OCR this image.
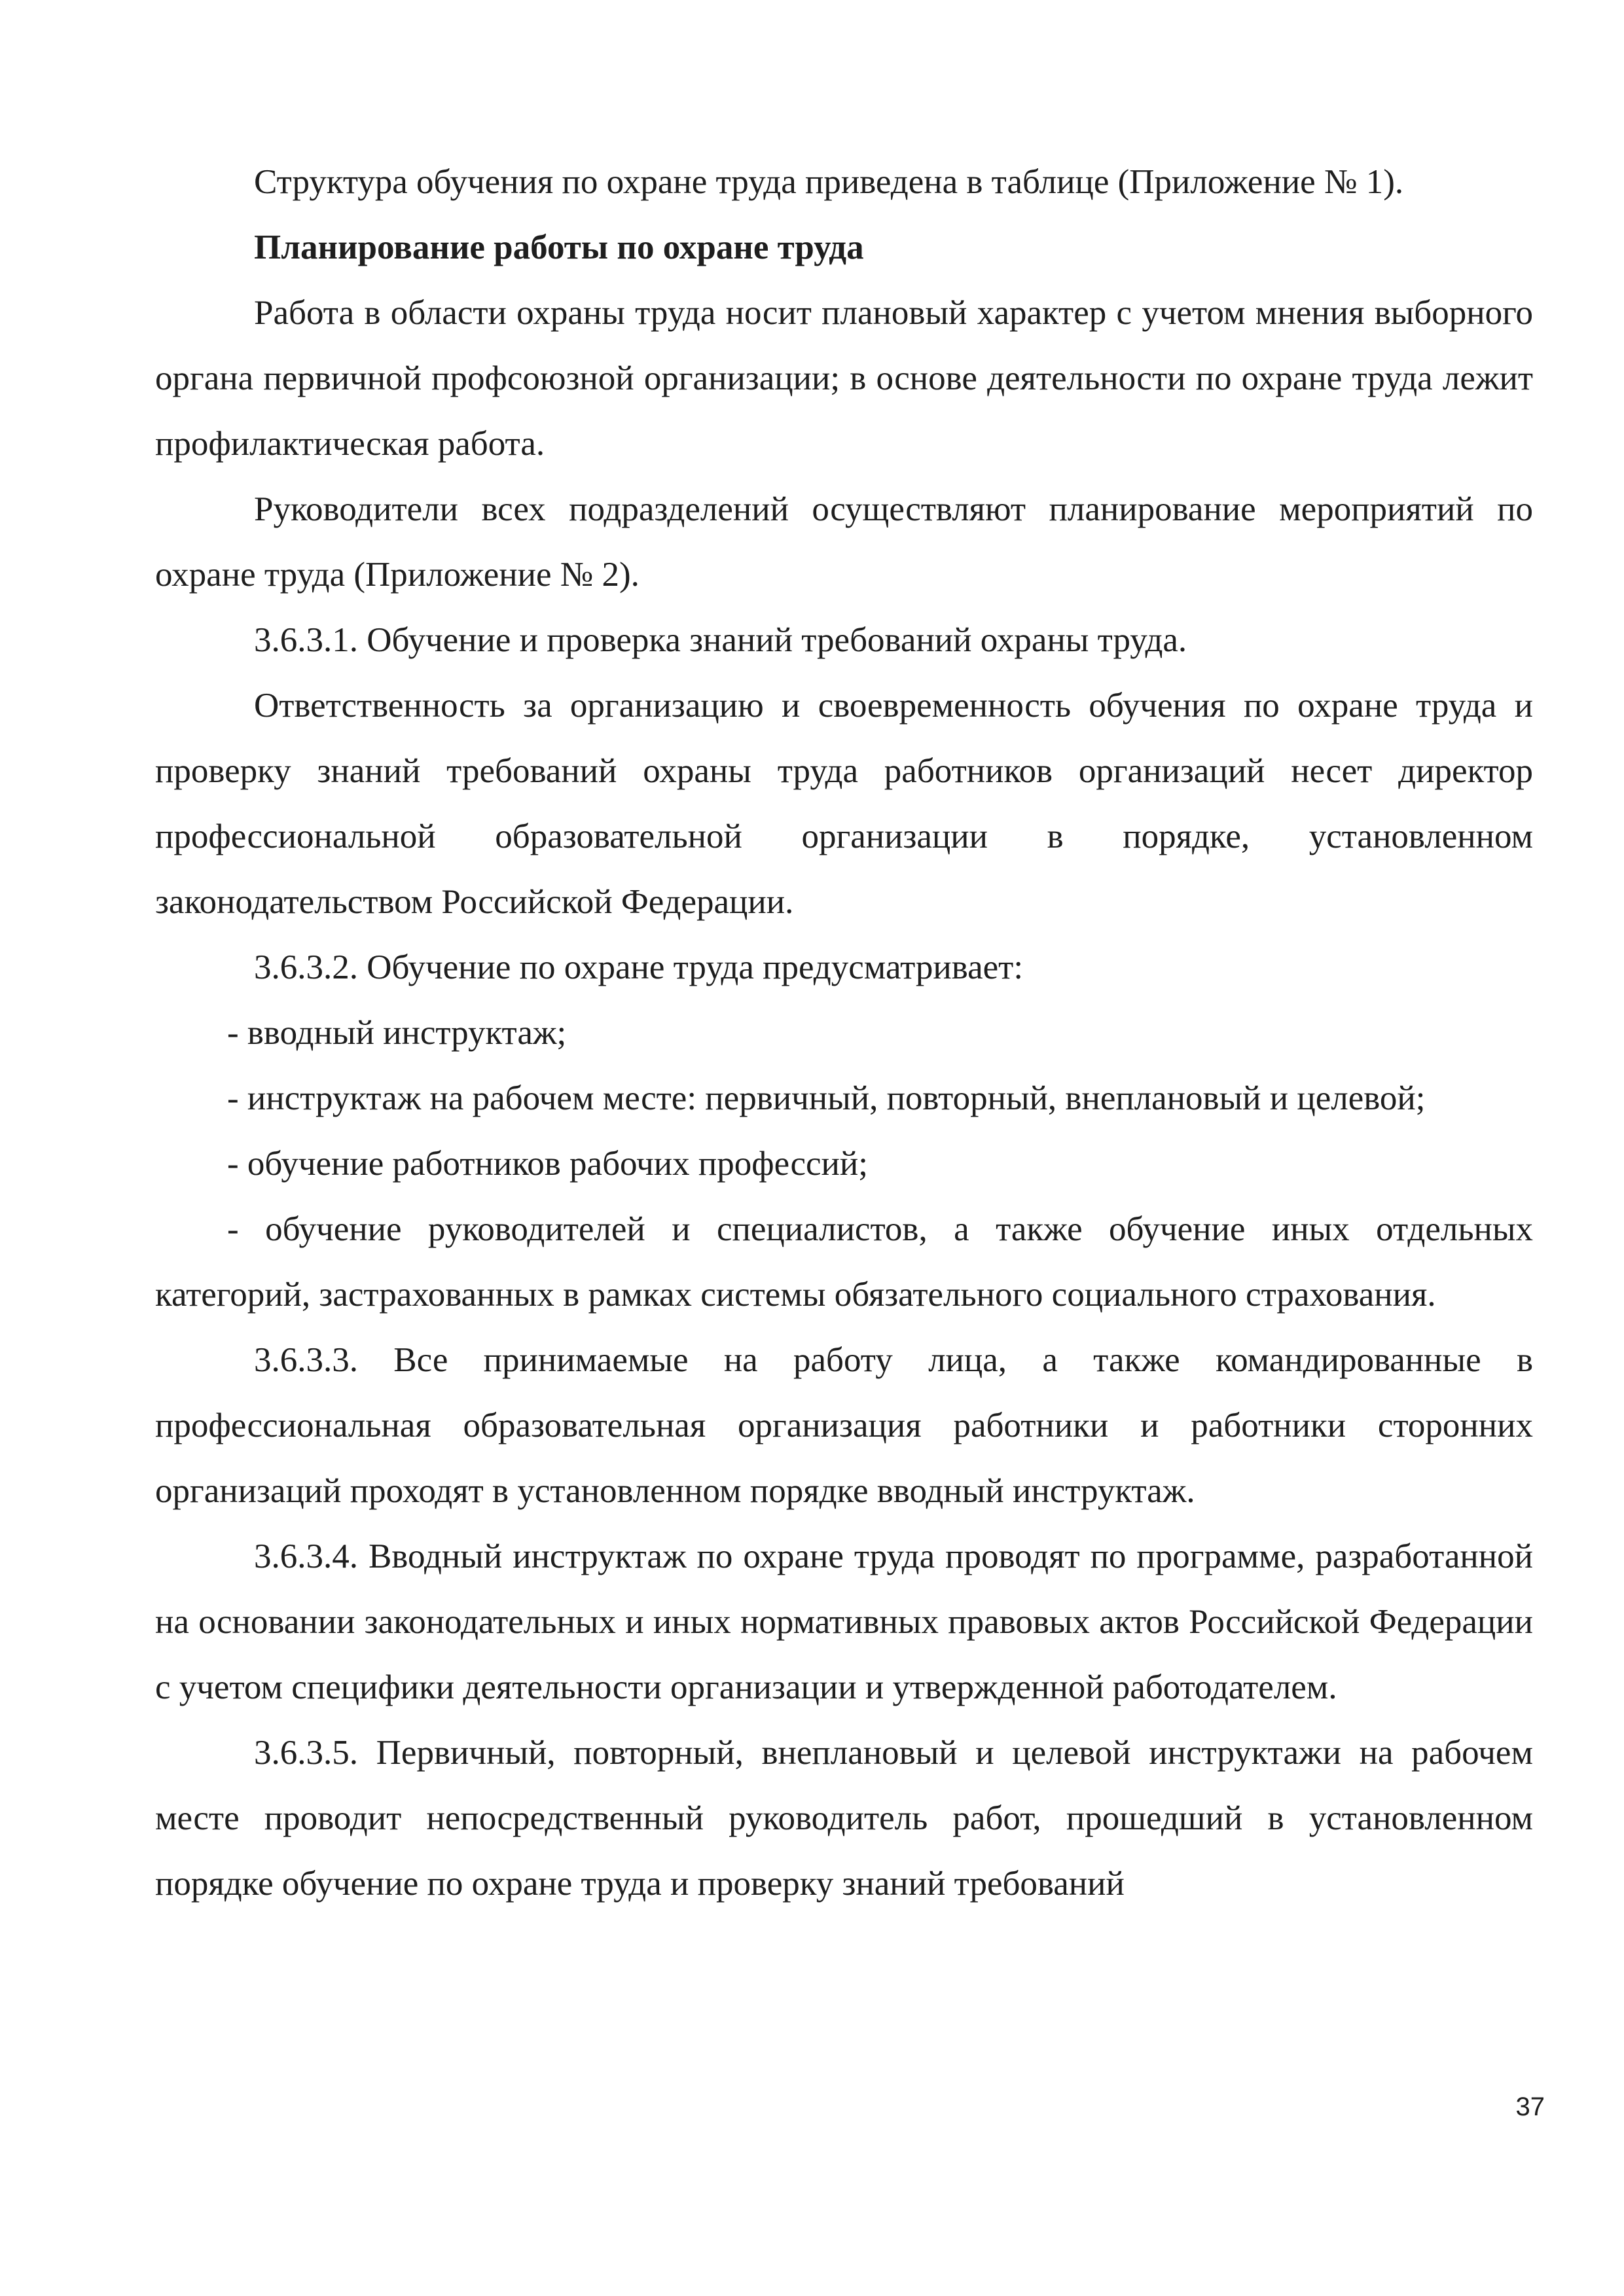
Структура обучения по охране труда приведена в таблице (Приложение № 1).

Планирование работы по охране труда

Работа в области охраны труда носит плановый характер с учетом мнения выборного органа первичной профсоюзной организации; в основе деятельности по охране труда лежит профилактическая работа.

Руководители всех подразделений осуществляют планирование мероприятий по охране труда (Приложение № 2).

3.6.3.1. Обучение и проверка знаний требований охраны труда.

Ответственность за организацию и своевременность обучения по охране труда и проверку знаний требований охраны труда работников организаций несет директор профессиональной образовательной организации в порядке, установленном законодательством Российской Федерации.

3.6.3.2. Обучение по охране труда предусматривает:

- вводный инструктаж;

- инструктаж на рабочем месте: первичный, повторный, внеплановый и целевой;

- обучение работников рабочих профессий;

- обучение руководителей и специалистов, а также обучение иных отдельных категорий, застрахованных в рамках системы обязательного социального страхования.

3.6.3.3. Все принимаемые на работу лица, а также командированные в профессиональная образовательная организация работники и работники сторонних организаций проходят в установленном порядке вводный инструктаж.

3.6.3.4. Вводный инструктаж по охране труда проводят по программе, разработанной на основании законодательных и иных нормативных правовых актов Российской Федерации с учетом специфики деятельности организации и утвержденной работодателем.

3.6.3.5. Первичный, повторный, внеплановый и целевой инструктажи на рабочем месте проводит непосредственный руководитель работ, прошедший в установленном порядке обучение по охране труда и проверку знаний требований

37
